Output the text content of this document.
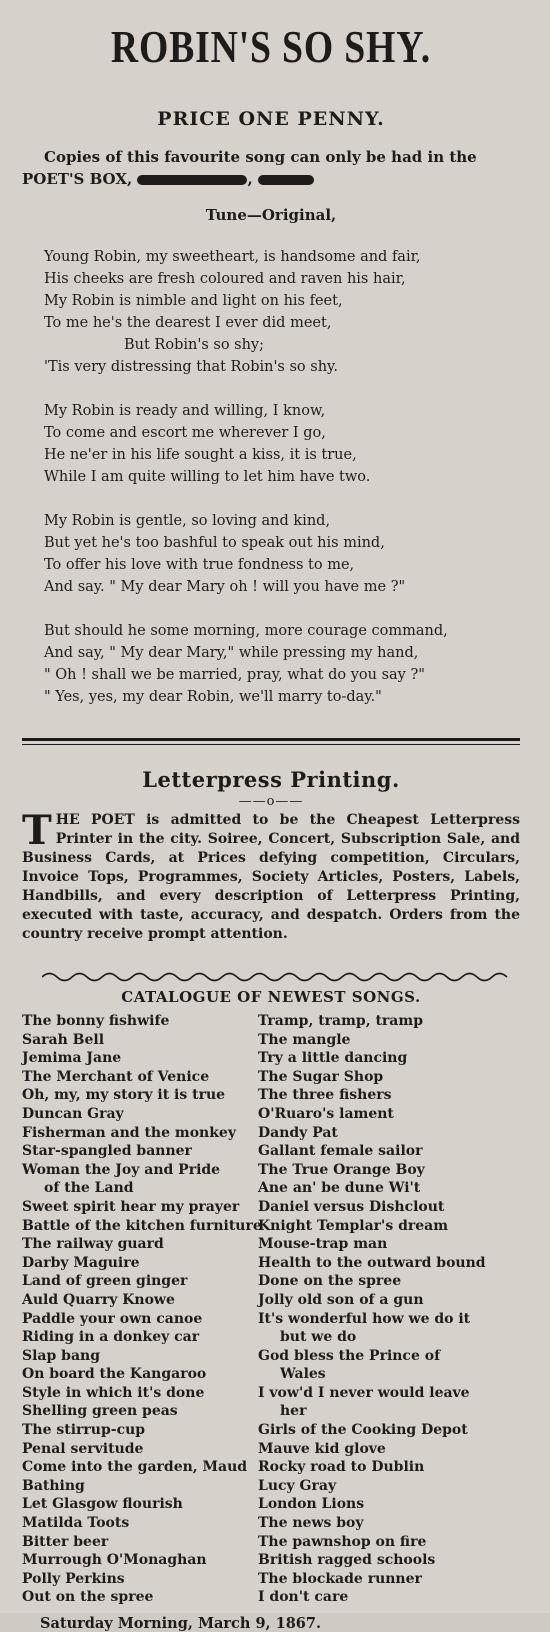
ROBIN'S SO SHY.
PRICE ONE PENNY.
Copies of this favourite song can only be had in the
POET'S BOX,	,
Tune—Original,
Young Robin, my sweetheart, is handsome and fair,
His cheeks are fresh coloured and raven his hair,
My Robin is nimble and light on his feet,
To me he's the dearest I ever did meet,
But Robin's so shy;
'Tis very distressing that Robin's so shy.
My Robin is ready and willing, I know,
To come and escort me wherever I go,
He ne'er in his life sought a kiss, it is true,
While I am quite willing to let him have two.
My Robin is gentle, so loving and kind,
But yet he's too bashful to speak out his mind,
To offer his love with true fondness to me,
And say. " My dear Mary oh ! will you have me ?"
But should he some morning, more courage command,
And say, " My dear Mary," while pressing my hand,
" Oh ! shall we be married, pray, what do you say ?"
" Yes, yes, my dear Robin, we'll marry to-day."
Letterpress Printing.
——o——
T HE POET is admitted to be the Cheapest Letterpress Printer in the city. Soiree, Concert, Subscription Sale, and Business Cards, at Prices defying competition, Circulars, Invoice Tops, Programmes, Society Articles, Posters, Labels, Handbills, and every description of Letterpress Printing, executed with taste, accuracy, and despatch. Orders from the country receive prompt attention.
CATALOGUE OF NEWEST SONGS.
The bonny fishwife
Sarah Bell
Jemima Jane
The Merchant of Venice
Oh, my, my story it is true
Duncan Gray
Fisherman and the monkey
Star-spangled banner
Woman the Joy and Pride
of the Land
Sweet spirit hear my prayer
Battle of the kitchen furniture
The railway guard
Darby Maguire
Land of green ginger
Auld Quarry Knowe
Paddle your own canoe
Riding in a donkey car
Slap bang
On board the Kangaroo
Style in which it's done
Shelling green peas
The stirrup-cup
Penal servitude
Come into the garden, Maud
Bathing
Let Glasgow flourish
Matilda Toots
Bitter beer
Murrough O'Monaghan
Polly Perkins
Out on the spree
Tramp, tramp, tramp
The mangle
Try a little dancing
The Sugar Shop
The three fishers
O'Ruaro's lament
Dandy Pat
Gallant female sailor
The True Orange Boy
Ane an' be dune Wi't
Daniel versus Dishclout
Knight Templar's dream
Mouse-trap man
Health to the outward bound
Done on the spree
Jolly old son of a gun
It's wonderful how we do it
but we do
God bless the Prince of
Wales
I vow'd I never would leave
her
Girls of the Cooking Depot
Mauve kid glove
Rocky road to Dublin
Lucy Gray
London Lions
The news boy
The pawnshop on fire
British ragged schools
The blockade runner
I don't care
Saturday Morning, March 9, 1867.
